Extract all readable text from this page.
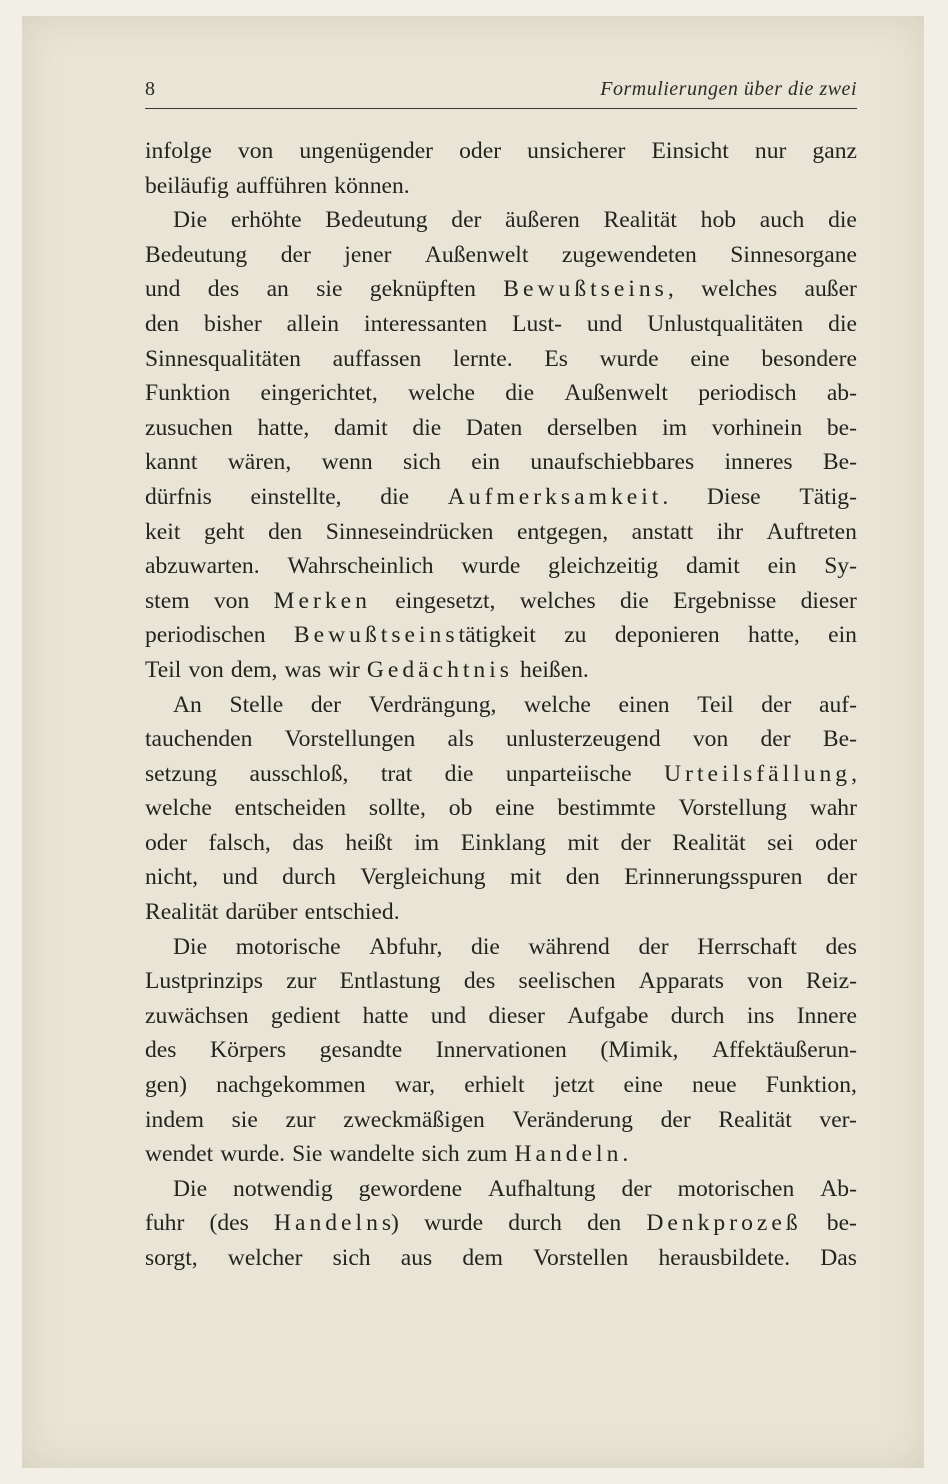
8	Formulierungen über die zwei
infolge von ungenügender oder unsicherer Einsicht nur ganz
beiläufig aufführen können.
Die erhöhte Bedeutung der äußeren Realität hob auch die
Bedeutung der jener Außenwelt zugewendeten Sinnesorgane
und des an sie geknüpften Bewußtseins, welches außer
den bisher allein interessanten Lust- und Unlustqualitäten die
Sinnesqualitäten auffassen lernte. Es wurde eine besondere
Funktion eingerichtet, welche die Außenwelt periodisch ab-
zusuchen hatte, damit die Daten derselben im vorhinein be-
kannt wären, wenn sich ein unaufschiebbares inneres Be-
dürfnis einstellte, die Aufmerksamkeit. Diese Tätig-
keit geht den Sinneseindrücken entgegen, anstatt ihr Auftreten
abzuwarten. Wahrscheinlich wurde gleichzeitig damit ein Sy-
stem von Merken eingesetzt, welches die Ergebnisse dieser
periodischen Bewußtseinstätigkeit zu deponieren hatte, ein
Teil von dem, was wir Gedächtnis heißen.
An Stelle der Verdrängung, welche einen Teil der auf-
tauchenden Vorstellungen als unlusterzeugend von der Be-
setzung ausschloß, trat die unparteiische Urteilsfällung,
welche entscheiden sollte, ob eine bestimmte Vorstellung wahr
oder falsch, das heißt im Einklang mit der Realität sei oder
nicht, und durch Vergleichung mit den Erinnerungsspuren der
Realität darüber entschied.
Die motorische Abfuhr, die während der Herrschaft des
Lustprinzips zur Entlastung des seelischen Apparats von Reiz-
zuwächsen gedient hatte und dieser Aufgabe durch ins Innere
des Körpers gesandte Innervationen (Mimik, Affektäußerun-
gen) nachgekommen war, erhielt jetzt eine neue Funktion,
indem sie zur zweckmäßigen Veränderung der Realität ver-
wendet wurde. Sie wandelte sich zum Handeln.
Die notwendig gewordene Aufhaltung der motorischen Ab-
fuhr (des Handelns) wurde durch den Denkprozeß be-
sorgt, welcher sich aus dem Vorstellen herausbildete. Das
